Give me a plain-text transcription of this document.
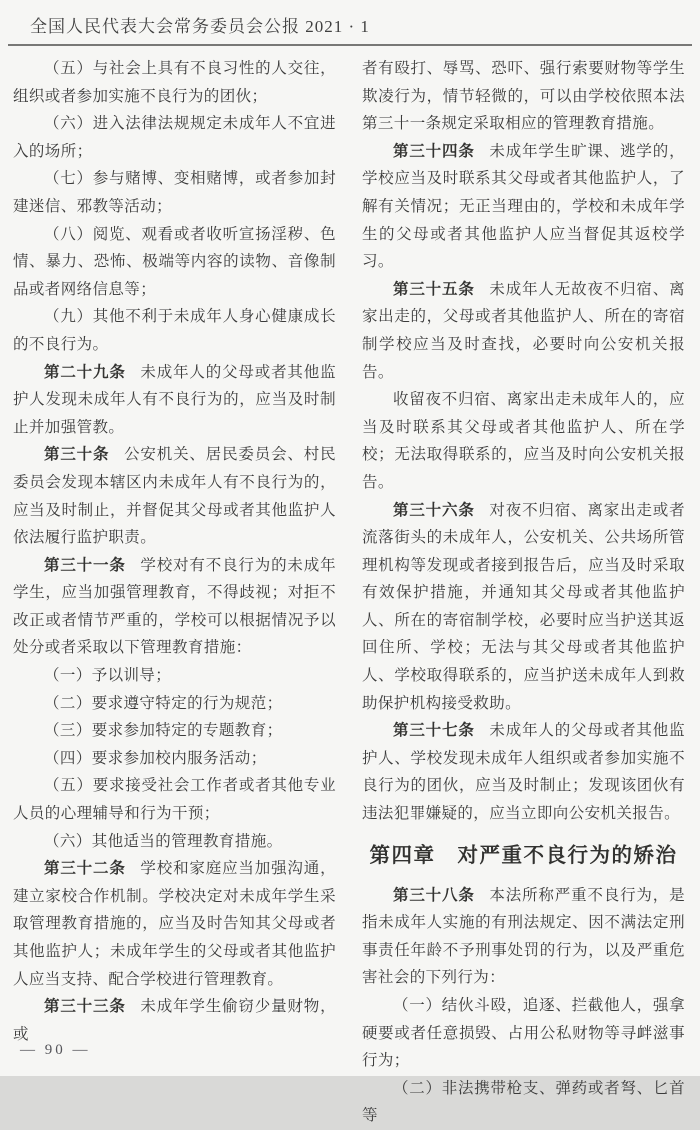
全国人民代表大会常务委员会公报 2021 · 1

（五）与社会上具有不良习性的人交往，组织或者参加实施不良行为的团伙；

（六）进入法律法规规定未成年人不宜进入的场所；

（七）参与赌博、变相赌博，或者参加封建迷信、邪教等活动；

（八）阅览、观看或者收听宣扬淫秽、色情、暴力、恐怖、极端等内容的读物、音像制品或者网络信息等；

（九）其他不利于未成年人身心健康成长的不良行为。

第二十九条 未成年人的父母或者其他监护人发现未成年人有不良行为的，应当及时制止并加强管教。

第三十条 公安机关、居民委员会、村民委员会发现本辖区内未成年人有不良行为的，应当及时制止，并督促其父母或者其他监护人依法履行监护职责。

第三十一条 学校对有不良行为的未成年学生，应当加强管理教育，不得歧视；对拒不改正或者情节严重的，学校可以根据情况予以处分或者采取以下管理教育措施：

（一）予以训导；

（二）要求遵守特定的行为规范；

（三）要求参加特定的专题教育；

（四）要求参加校内服务活动；

（五）要求接受社会工作者或者其他专业人员的心理辅导和行为干预；

（六）其他适当的管理教育措施。

第三十二条 学校和家庭应当加强沟通，建立家校合作机制。学校决定对未成年学生采取管理教育措施的，应当及时告知其父母或者其他监护人；未成年学生的父母或者其他监护人应当支持、配合学校进行管理教育。

第三十三条 未成年学生偷窃少量财物，或

者有殴打、辱骂、恐吓、强行索要财物等学生欺凌行为，情节轻微的，可以由学校依照本法第三十一条规定采取相应的管理教育措施。

第三十四条 未成年学生旷课、逃学的，学校应当及时联系其父母或者其他监护人，了解有关情况；无正当理由的，学校和未成年学生的父母或者其他监护人应当督促其返校学习。

第三十五条 未成年人无故夜不归宿、离家出走的，父母或者其他监护人、所在的寄宿制学校应当及时查找，必要时向公安机关报告。

收留夜不归宿、离家出走未成年人的，应当及时联系其父母或者其他监护人、所在学校；无法取得联系的，应当及时向公安机关报告。

第三十六条 对夜不归宿、离家出走或者流落街头的未成年人，公安机关、公共场所管理机构等发现或者接到报告后，应当及时采取有效保护措施，并通知其父母或者其他监护人、所在的寄宿制学校，必要时应当护送其返回住所、学校；无法与其父母或者其他监护人、学校取得联系的，应当护送未成年人到救助保护机构接受救助。

第三十七条 未成年人的父母或者其他监护人、学校发现未成年人组织或者参加实施不良行为的团伙，应当及时制止；发现该团伙有违法犯罪嫌疑的，应当立即向公安机关报告。

第四章　对严重不良行为的矫治

第三十八条 本法所称严重不良行为，是指未成年人实施的有刑法规定、因不满法定刑事责任年龄不予刑事处罚的行为，以及严重危害社会的下列行为：

（一）结伙斗殴，追逐、拦截他人，强拿硬要或者任意损毁、占用公私财物等寻衅滋事行为；

（二）非法携带枪支、弹药或者弩、匕首等

— 90 —
